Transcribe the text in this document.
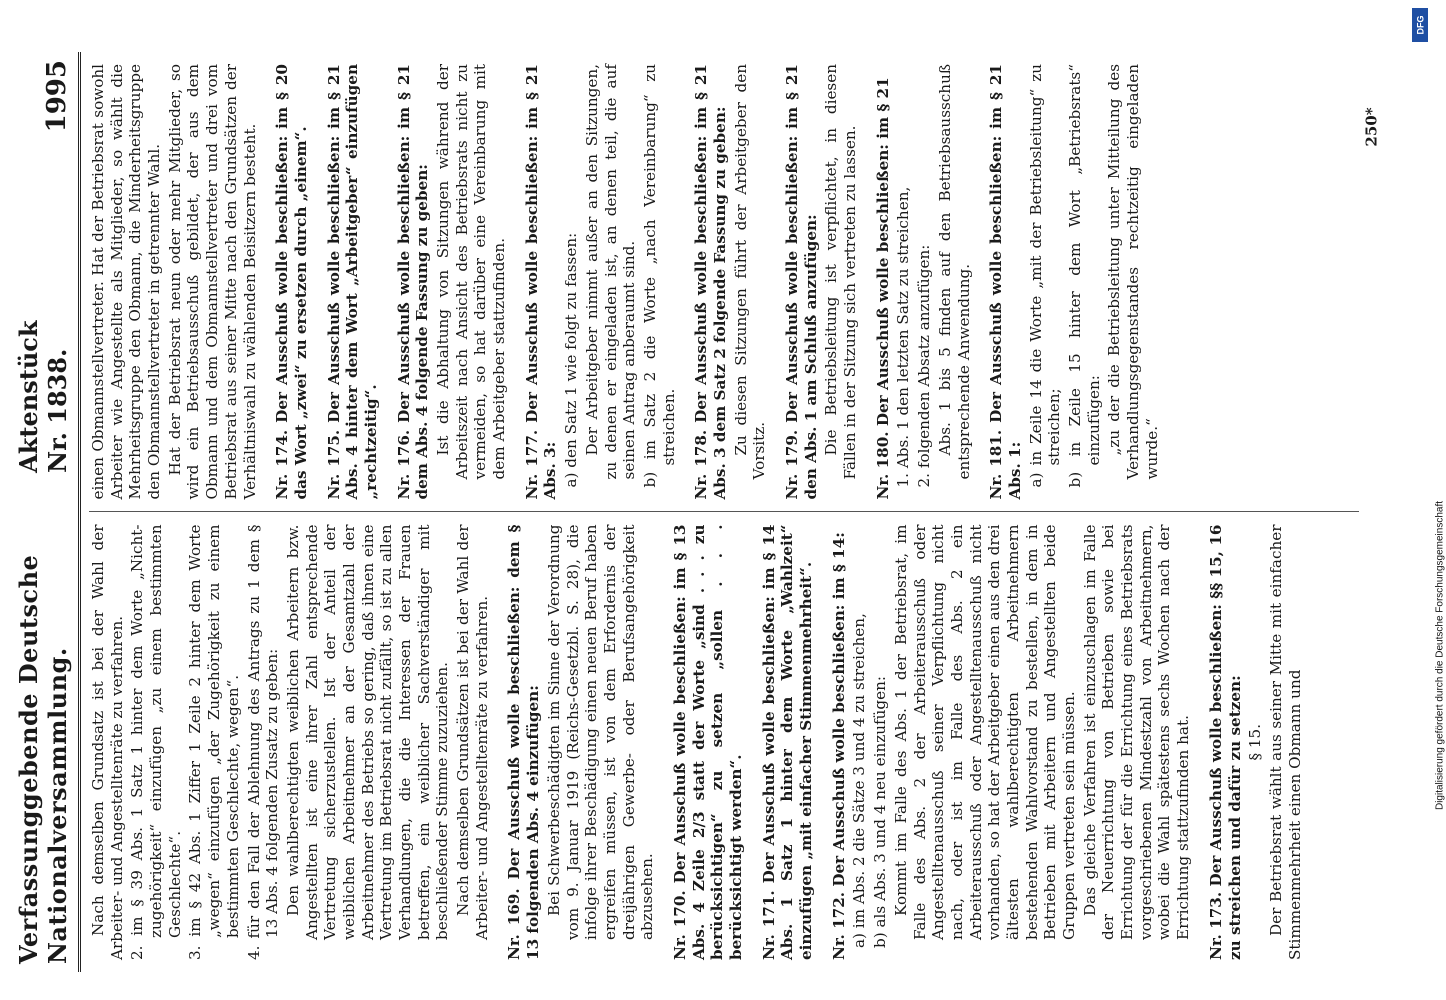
Verfassunggebende Deutsche Nationalversammlung.
Aktenstück Nr. 1838.
1995

Nach demselben Grundsatz ist bei der Wahl der Arbeiter- und Angestelltenräte zu verfahren. 2. im § 39 Abs. 1 Satz 1 hinter dem Worte „Nicht-zugehörigkeit“ einzufügen „zu einem bestimmten Geschlechte“. 3. im § 42 Abs. 1 Ziffer 1 Zeile 2 hinter dem Worte „wegen“ einzufügen „der Zugehörigkeit zu einem bestimmten Geschlechte, wegen“. 4. für den Fall der Ablehnung des Antrags zu 1 dem § 13 Abs. 4 folgenden Zusatz zu geben: Den wahlberechtigten weiblichen Arbeitern bzw. Angestellten ist eine ihrer Zahl entsprechende Vertretung sicherzustellen. Ist der Anteil der weiblichen Arbeitnehmer an der Gesamtzahl der Arbeitnehmer des Betriebs so gering, daß ihnen eine Vertretung im Betriebsrat nicht zufällt, so ist zu allen Verhandlungen, die die Interessen der Frauen betreffen, ein weiblicher Sachverständiger mit beschließender Stimme zuzuziehen. Nach demselben Grundsätzen ist bei der Wahl der Arbeiter- und Angestelltenräte zu verfahren. Nr. 169. Der Ausschuß wolle beschließen: dem § 13 folgenden Abs. 4 einzufügen: Bei Schwerbeschädigten im Sinne der Verordnung vom 9. Januar 1919 (Reichs-Gesetzbl. S. 28), die infolge ihrer Beschädigung einen neuen Beruf haben ergreifen müssen, ist von dem Erfordernis der dreijährigen Gewerbe- oder Berufsangehörigkeit abzusehen. Nr. 170. Der Ausschuß wolle beschließen: im § 13 Abs. 4 Zeile 2/3 statt der Worte „sind . . . zu berücksichtigen“ zu setzen „sollen . . . berücksichtigt werden“. Nr. 171. Der Ausschuß wolle beschließen: im § 14 Abs. 1 Satz 1 hinter dem Worte „Wahlzeit“ einzufügen „mit einfacher Stimmenmehrheit“. Nr. 172. Der Ausschuß wolle beschließen: im § 14: a) im Abs. 2 die Sätze 3 und 4 zu streichen, b) als Abs. 3 und 4 neu einzufügen: Kommt im Falle des Abs. 1 der Betriebsrat, im Falle des Abs. 2 der Arbeiterausschuß oder Angestelltenausschuß seiner Verpflichtung nicht nach, oder ist im Falle des Abs. 2 ein Arbeiterausschuß oder Angestelltenausschuß nicht vorhanden, so hat der Arbeitgeber einen aus den drei ältesten wahlberechtigten Arbeitnehmern bestehenden Wahlvorstand zu bestellen, in dem in Betrieben mit Arbeitern und Angestellten beide Gruppen vertreten sein müssen. Das gleiche Verfahren ist einzuschlagen im Falle der Neuerrichtung von Betrieben sowie bei Errichtung der für die Errichtung eines Betriebsrats vorgeschriebenen Mindestzahl von Arbeitnehmern, wobei die Wahl spätestens sechs Wochen nach der Errichtung stattzufinden hat. Nr. 173. Der Ausschuß wolle beschließen: §§ 15, 16 zu streichen und dafür zu setzen: § 15. Der Betriebsrat wählt aus seiner Mitte mit einfacher Stimmenmehrheit einen Obmann und

einen Obmannstellvertreter. Hat der Betriebsrat sowohl Arbeiter wie Angestellte als Mitglieder, so wählt die Mehrheitsgruppe den Obmann, die Minderheitsgruppe den Obmannstellvertreter in getrennter Wahl. Hat der Betriebsrat neun oder mehr Mitglieder, so wird ein Betriebsausschuß gebildet, der aus dem Obmann und dem Obmannstellvertreter und drei vom Betriebsrat aus seiner Mitte nach den Grundsätzen der Verhältniswahl zu wählenden Beisitzern besteht. Nr. 174. Der Ausschuß wolle beschließen: im § 20 das Wort „zwei“ zu ersetzen durch „einem“. Nr. 175. Der Ausschuß wolle beschließen: im § 21 Abs. 4 hinter dem Wort „Arbeitgeber“ einzufügen „rechtzeitig“. Nr. 176. Der Ausschuß wolle beschließen: im § 21 dem Abs. 4 folgende Fassung zu geben: Ist die Abhaltung von Sitzungen während der Arbeitszeit nach Ansicht des Betriebsrats nicht zu vermeiden, so hat darüber eine Vereinbarung mit dem Arbeitgeber stattzufinden. Nr. 177. Der Ausschuß wolle beschließen: im § 21 Abs. 3: a) den Satz 1 wie folgt zu fassen: Der Arbeitgeber nimmt außer an den Sitzungen, zu denen er eingeladen ist, an denen teil, die auf seinen Antrag anberaumt sind. b) im Satz 2 die Worte „nach Vereinbarung“ zu streichen. Nr. 178. Der Ausschuß wolle beschließen: im § 21 Abs. 3 dem Satz 2 folgende Fassung zu geben: Zu diesen Sitzungen führt der Arbeitgeber den Vorsitz. Nr. 179. Der Ausschuß wolle beschließen: im § 21 den Abs. 1 am Schluß anzufügen: Die Betriebsleitung ist verpflichtet, in diesen Fällen in der Sitzung sich vertreten zu lassen. Nr. 180. Der Ausschuß wolle beschließen: im § 21 1. Abs. 1 den letzten Satz zu streichen, 2. folgenden Absatz anzufügen: Abs. 1 bis 5 finden auf den Betriebsausschuß entsprechende Anwendung. Nr. 181. Der Ausschuß wolle beschließen: im § 21 Abs. 1: a) in Zeile 14 die Worte „mit der Betriebsleitung“ zu streichen; b) in Zeile 15 hinter dem Wort „Betriebsrats“ einzufügen: „zu der die Betriebsleitung unter Mitteilung des Verhandlungsgegenstandes rechtzeitig eingeladen wurde.“

250*
Digitalisierung gefördert durch die Deutsche Forschungsgemeinschaft
DFG
